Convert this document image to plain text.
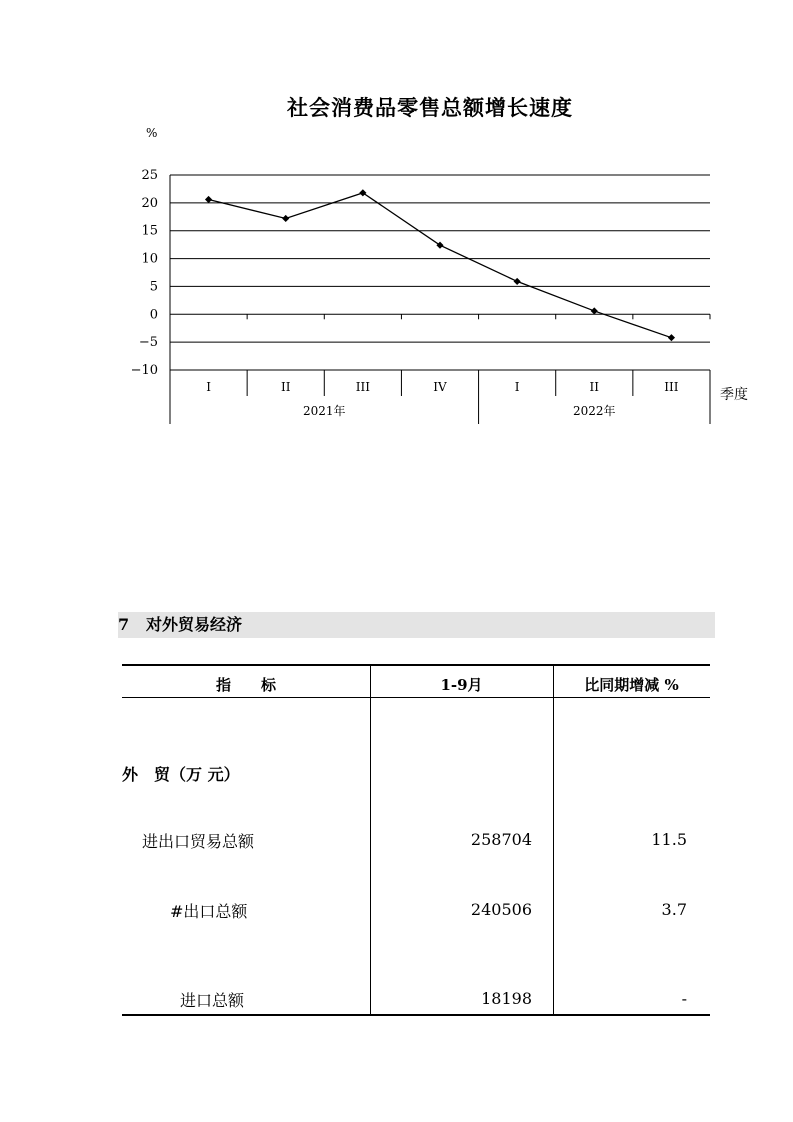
社会消费品零售总额增长速度
%
25
20
15
10
5
0
−5
−10
I	II	III	IV	I	II	III
2021年	2022年
季度
7 对外贸易经济
指　　标	1-9月	比同期增减 %
外　贸（万 元）
进出口贸易总额	258704	11.5
#出口总额	240506	3.7
进口总额	18198	-
